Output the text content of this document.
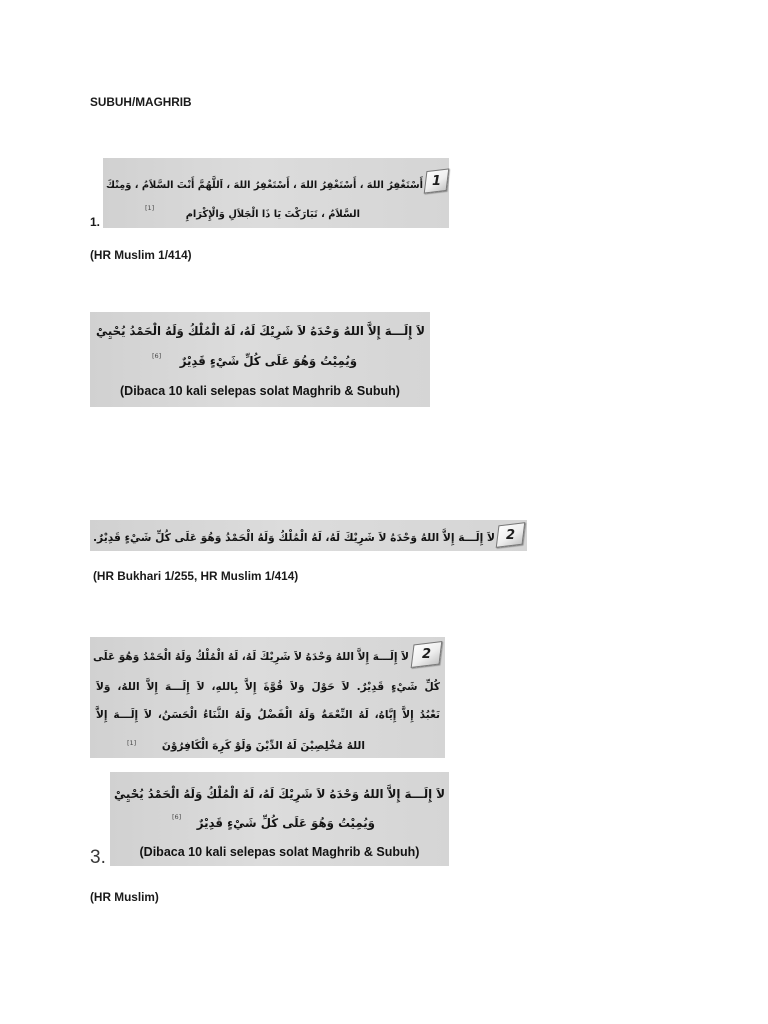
SUBUH/MAGHRIB
1.
1
أَسْتَغْفِرُ اللهَ ، أَسْتَغْفِرُ اللهَ ، أَسْتَغْفِرُ اللهَ ، اَللَّهُمَّ أَنْتَ السَّلاَمُ ، وَمِنْكَ
السَّلاَمُ ، تَبَارَكْتَ يَا ذَا الْجَلاَلِ وَالْإِكْرَامِ
[1]
(HR Muslim 1/414)
لاَ إِلَـــهَ إِلاَّ اللهُ وَحْدَهُ لاَ شَرِيْكَ لَهُ، لَهُ الْمُلْكُ وَلَهُ الْحَمْدُ يُحْيِيْ
وَيُمِيْتُ وَهُوَ عَلَى كُلِّ شَيْءٍ قَدِيْرٌ
[6]
(Dibaca 10 kali selepas solat Maghrib & Subuh)
2
لاَ إِلَـــهَ إِلاَّ اللهُ وَحْدَهُ لاَ شَرِيْكَ لَهُ، لَهُ الْمُلْكُ وَلَهُ الْحَمْدُ وَهُوَ عَلَى كُلِّ شَيْءٍ قَدِيْرٌ.
(HR Bukhari 1/255, HR Muslim 1/414)
2
لاَ إِلَـــهَ إِلاَّ اللهُ وَحْدَهُ لاَ شَرِيْكَ لَهُ، لَهُ الْمُلْكُ وَلَهُ الْحَمْدُ وَهُوَ عَلَى
كُلِّ شَيْءٍ قَدِيْرٌ. لاَ حَوْلَ وَلاَ قُوَّةَ إِلاَّ بِاللهِ، لاَ إِلَـــهَ إِلاَّ اللهُ، وَلاَ
نَعْبُدُ إِلاَّ إِيَّاهُ، لَهُ النِّعْمَةُ وَلَهُ الْفَضْلُ وَلَهُ الثَّنَاءُ الْحَسَنُ، لاَ إِلَـــهَ إِلاَّ
اللهُ مُخْلِصِيْنَ لَهُ الدِّيْنَ وَلَوْ كَرِهَ الْكَافِرُوْنَ
[1]
لاَ إِلَـــهَ إِلاَّ اللهُ وَحْدَهُ لاَ شَرِيْكَ لَهُ، لَهُ الْمُلْكُ وَلَهُ الْحَمْدُ يُحْيِيْ
وَيُمِيْتُ وَهُوَ عَلَى كُلِّ شَيْءٍ قَدِيْرٌ
[6]
(Dibaca 10 kali selepas solat Maghrib & Subuh)
3.
(HR Muslim)
